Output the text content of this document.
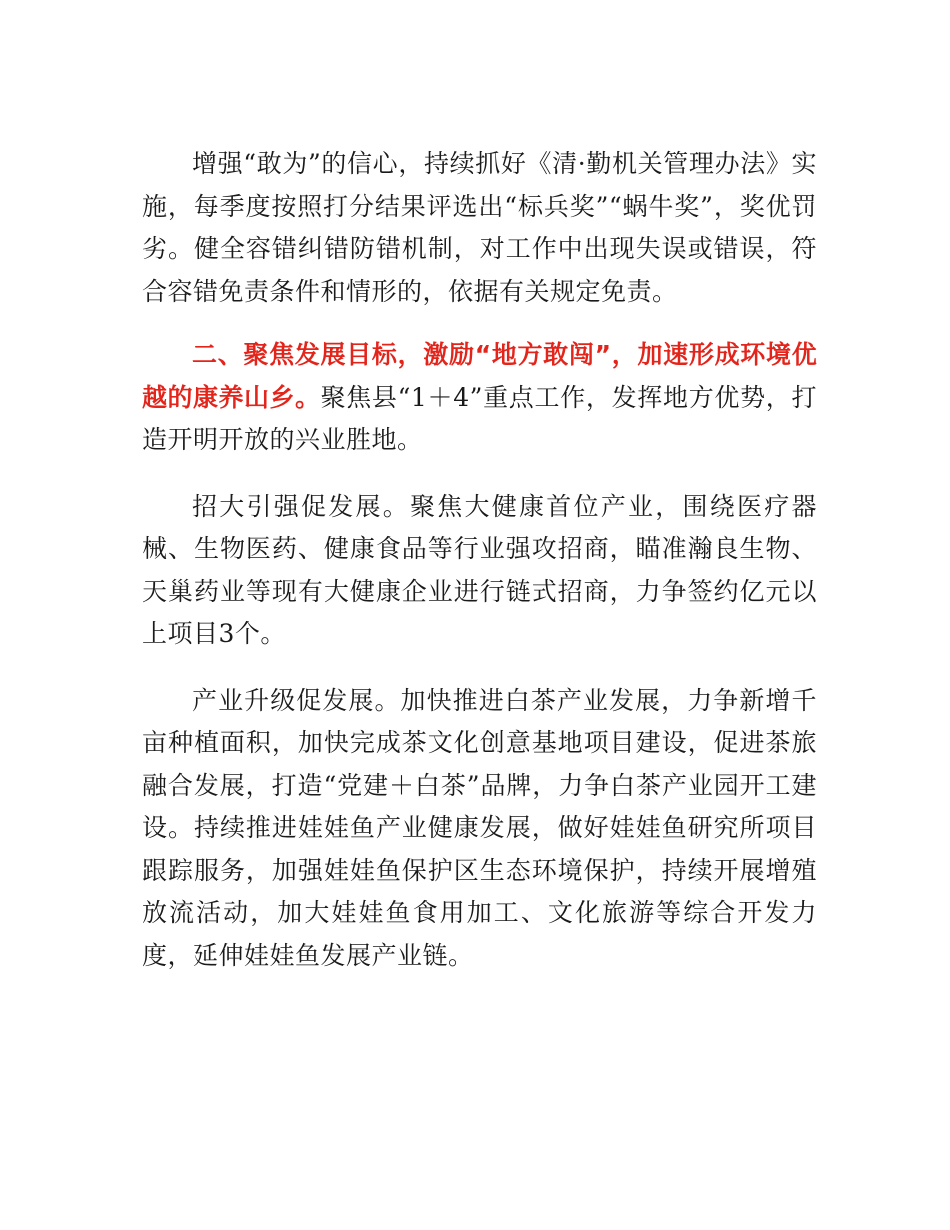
增强“敢为”的信心，持续抓好《清·勤机关管理办法》实施，每季度按照打分结果评选出“标兵奖”“蜗牛奖”，奖优罚劣。健全容错纠错防错机制，对工作中出现失误或错误，符合容错免责条件和情形的，依据有关规定免责。

二、聚焦发展目标，激励“地方敢闯”，加速形成环境优越的康养山乡。聚焦县“1＋4”重点工作，发挥地方优势，打造开明开放的兴业胜地。

招大引强促发展。聚焦大健康首位产业，围绕医疗器械、生物医药、健康食品等行业强攻招商，瞄准瀚良生物、天巢药业等现有大健康企业进行链式招商，力争签约亿元以上项目3个。

产业升级促发展。加快推进白茶产业发展，力争新增千亩种植面积，加快完成茶文化创意基地项目建设，促进茶旅融合发展，打造“党建＋白茶”品牌，力争白茶产业园开工建设。持续推进娃娃鱼产业健康发展，做好娃娃鱼研究所项目跟踪服务，加强娃娃鱼保护区生态环境保护，持续开展增殖放流活动，加大娃娃鱼食用加工、文化旅游等综合开发力度，延伸娃娃鱼发展产业链。
